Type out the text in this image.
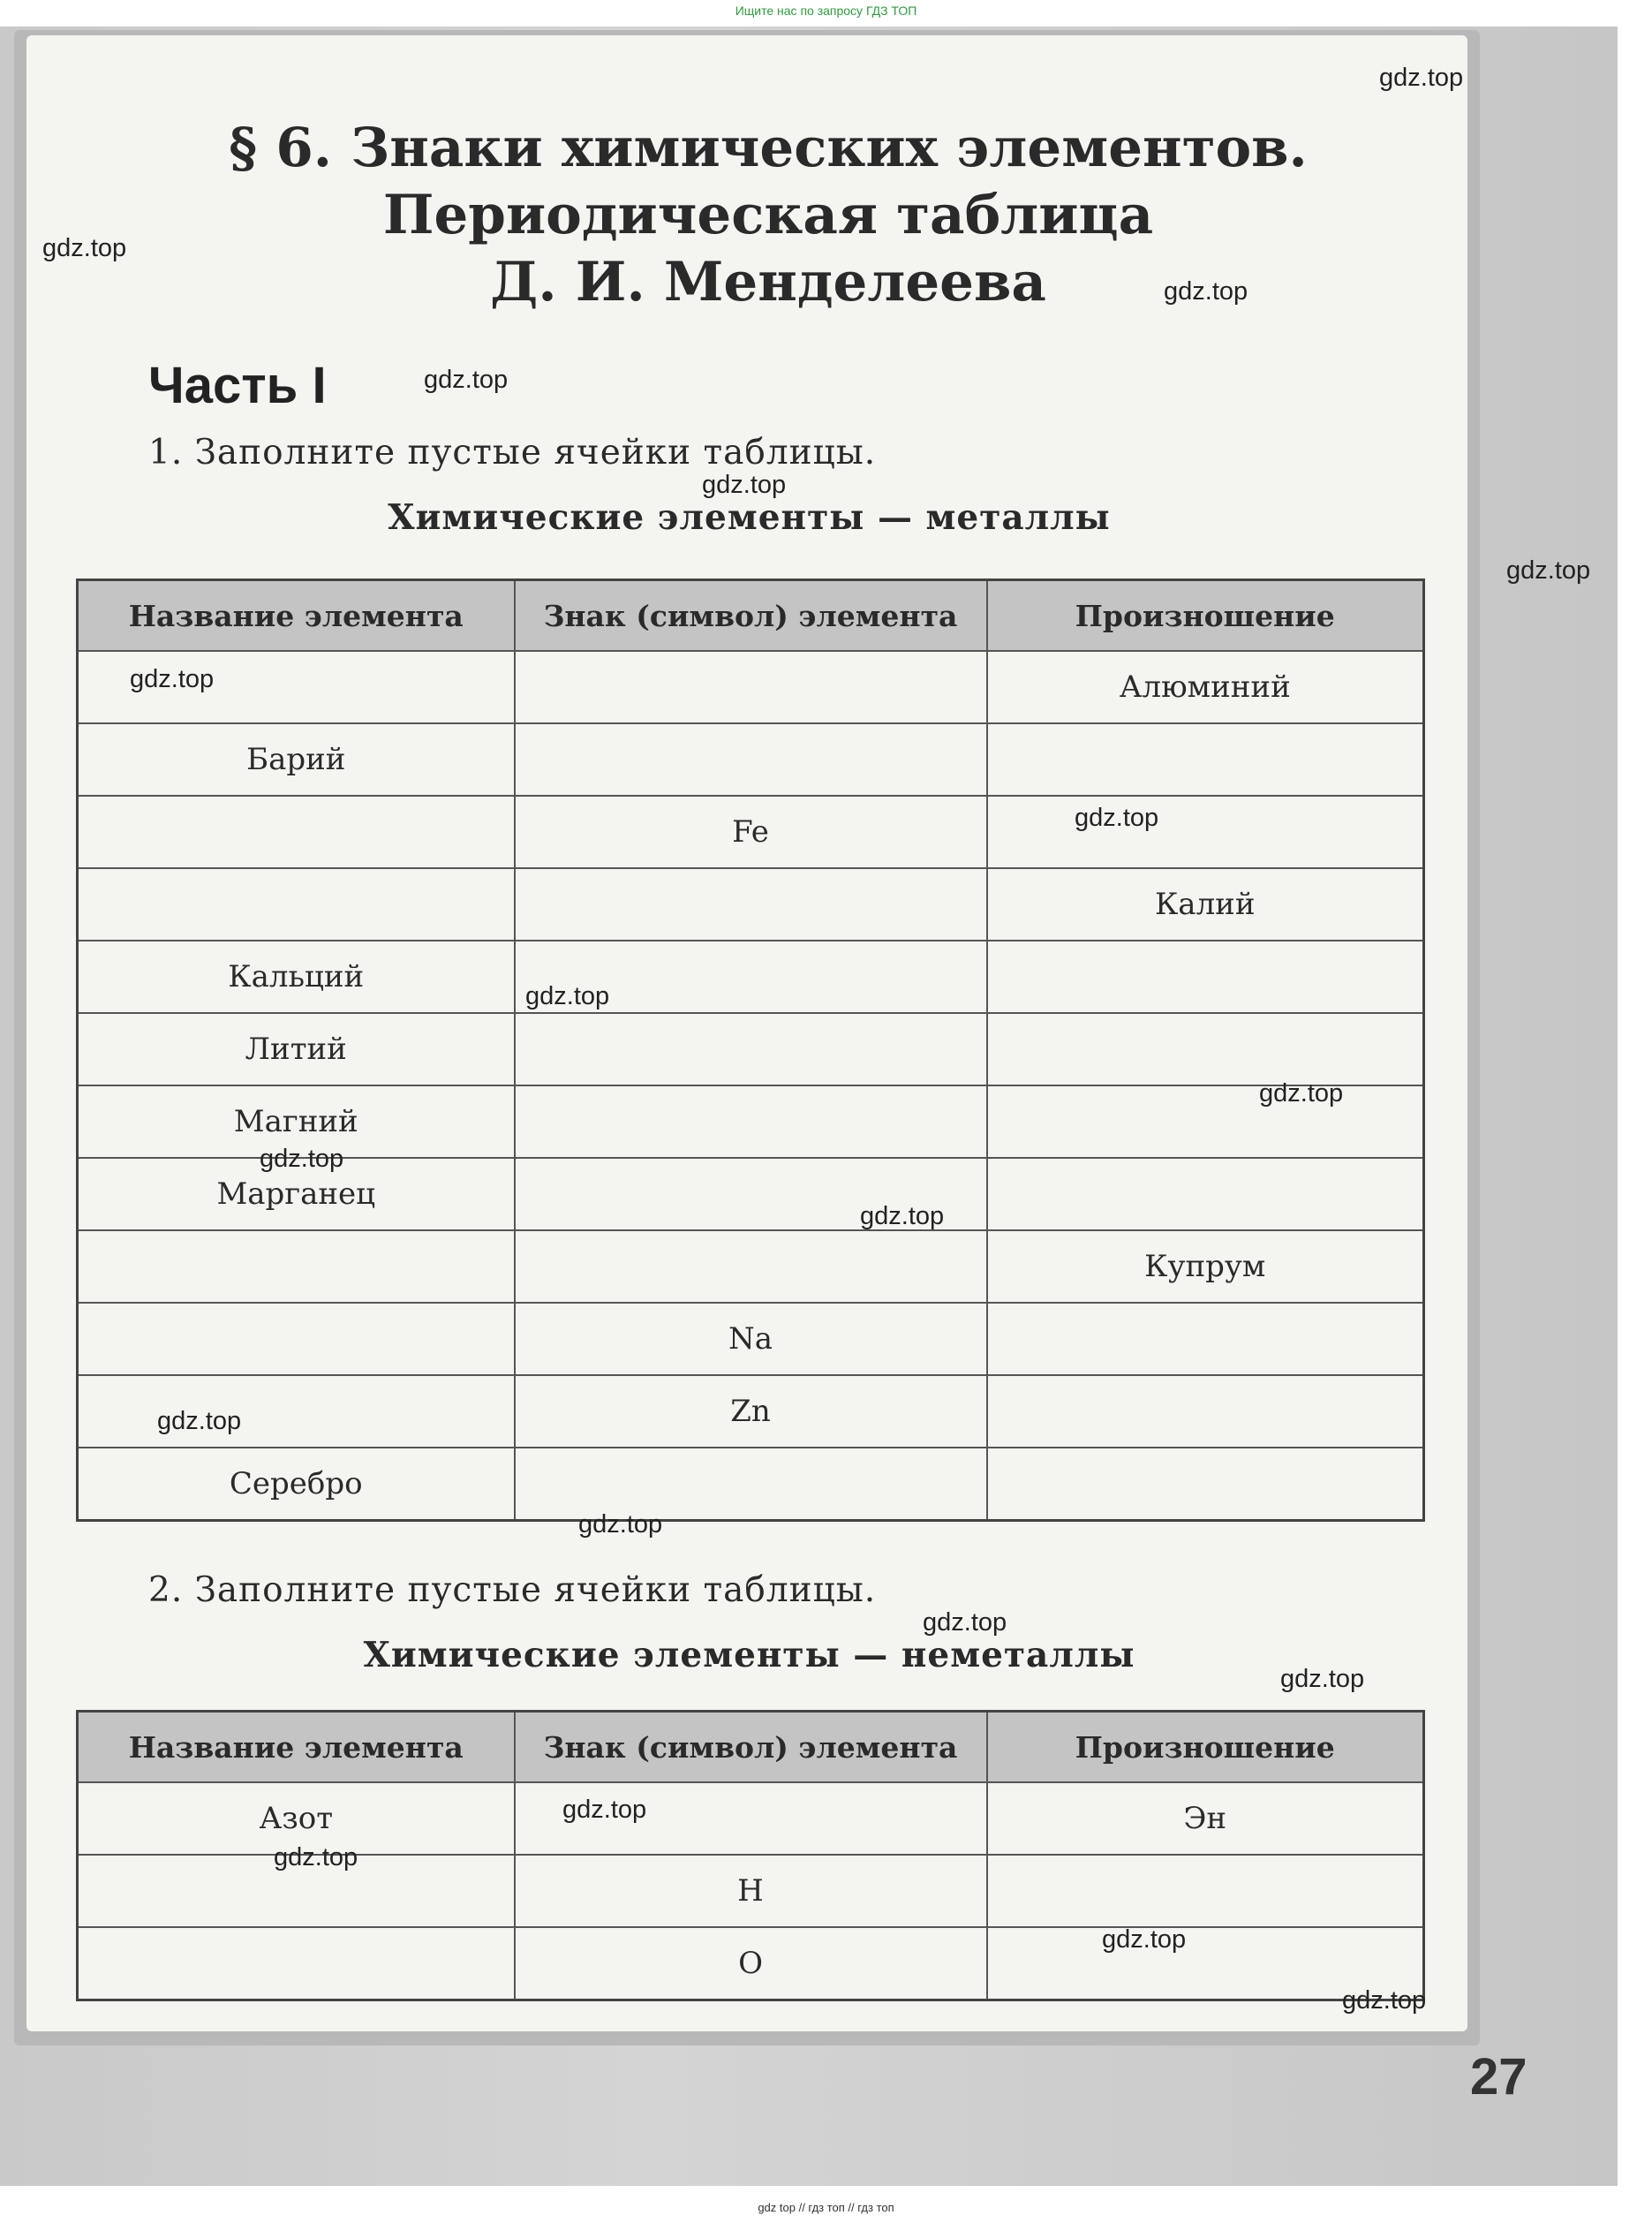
Ищите нас по запросу ГДЗ ТОП
§ 6. Знаки химических элементов.
Периодическая таблица
Д. И. Менделеева
Часть I
1. Заполните пустые ячейки таблицы.
Химические элементы — металлы
Название элемента	Знак (символ) элемента	Произношение
		Алюминий
Барий		
	Fe	
		Калий
Кальций		
Литий		
Магний		
Марганец		
		Купрум
	Na	
	Zn	
Серебро		
2. Заполните пустые ячейки таблицы.
Химические элементы — неметаллы
Название элемента	Знак (символ) элемента	Произношение
Азот		Эн
	H	
	O	
27
gdz top // гдз топ // гдз топ
gdz.top
gdz.top
gdz.top
gdz.top
gdz.top
gdz.top
gdz.top
gdz.top
gdz.top
gdz.top
gdz.top
gdz.top
gdz.top
gdz.top
gdz.top
gdz.top
gdz.top
gdz.top
gdz.top
gdz.top
